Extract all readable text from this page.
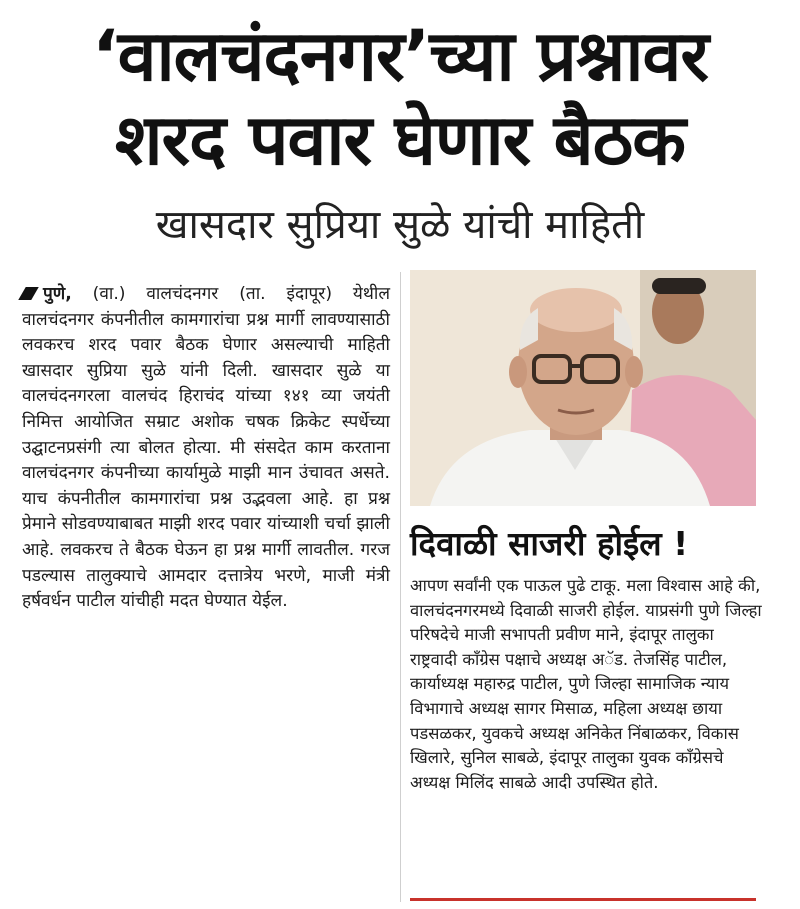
‘वालचंदनगर’च्या प्रश्नावर
शरद पवार घेणार बैठक
खासदार सुप्रिया सुळे यांची माहिती
पुणे, (वा.) वालचंदनगर (ता. इंदापूर) येथील वालचंदनगर कंपनीतील कामगारांचा प्रश्न मार्गी लावण्यासाठी लवकरच शरद पवार बैठक घेणार असल्याची माहिती खासदार सुप्रिया सुळे यांनी दिली. खासदार सुळे या वालचंदनगरला वालचंद हिराचंद यांच्या १४१ व्या जयंती निमित्त आयोजित सम्राट अशोक चषक क्रिकेट स्पर्धेच्या उद्घाटनप्रसंगी त्या बोलत होत्या. मी संसदेत काम करताना वालचंदनगर कंपनीच्या कार्यामुळे माझी मान उंचावत असते. याच कंपनीतील कामगारांचा प्रश्न उद्भवला आहे. हा प्रश्न प्रेमाने सोडवण्याबाबत माझी शरद पवार यांच्याशी चर्चा झाली आहे. लवकरच ते बैठक घेऊन हा प्रश्न मार्गी लावतील. गरज पडल्यास तालुक्याचे आमदार दत्तात्रेय भरणे, माजी मंत्री हर्षवर्धन पाटील यांचीही मदत घेण्यात येईल.
दिवाळी साजरी होईल !
आपण सर्वांनी एक पाऊल पुढे टाकू. मला विश्वास आहे की, वालचंदनगरमध्ये दिवाळी साजरी होईल. याप्रसंगी पुणे जिल्हा परिषदेचे माजी सभापती प्रवीण माने, इंदापूर तालुका राष्ट्रवादी काँग्रेस पक्षाचे अध्यक्ष अॅड. तेजसिंह पाटील, कार्याध्यक्ष महारुद्र पाटील, पुणे जिल्हा सामाजिक न्याय विभागाचे अध्यक्ष सागर मिसाळ, महिला अध्यक्ष छाया पडसळकर, युवकचे अध्यक्ष अनिकेत निंबाळकर, विकास खिलारे, सुनिल साबळे, इंदापूर तालुका युवक काँग्रेसचे अध्यक्ष मिलिंद साबळे आदी उपस्थित होते.
